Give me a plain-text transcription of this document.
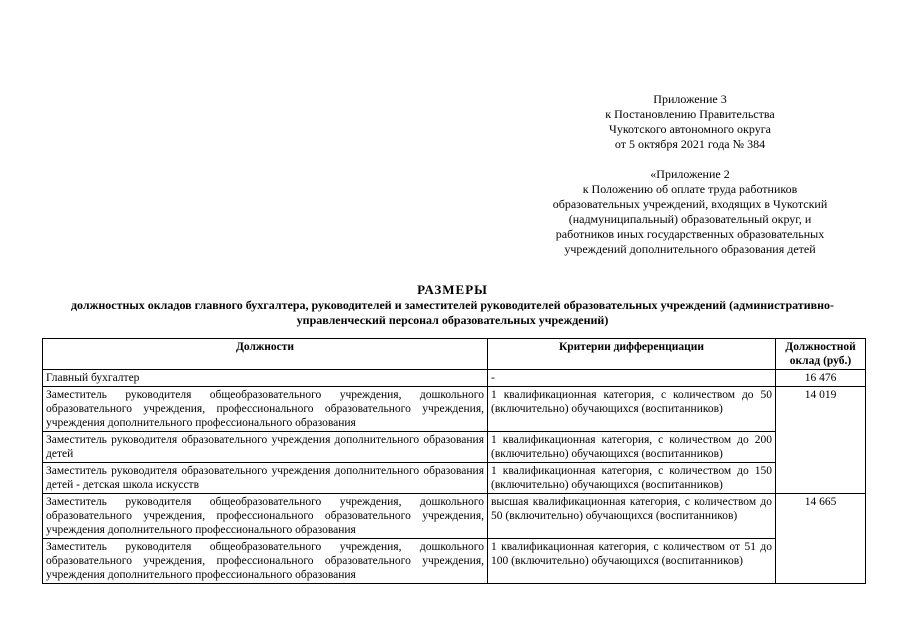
Приложение 3
к Постановлению Правительства
Чукотского автономного округа
от 5 октября 2021 года № 384
«Приложение 2
к Положению об оплате труда работников
образовательных учреждений, входящих в Чукотский
(надмуниципальный) образовательный округ, и
работников иных государственных образовательных
учреждений дополнительного образования детей
РАЗМЕРЫ
должностных окладов главного бухгалтера, руководителей и заместителей руководителей образовательных учреждений (административно-управленческий персонал образовательных учреждений)
Должности	Критерии дифференциации	Должностной оклад (руб.)
Главный бухгалтер	-	16 476
Заместитель руководителя общеобразовательного учреждения, дошкольного образовательного учреждения, профессионального образовательного учреждения, учреждения дополнительного профессионального образования	1 квалификационная категория, с количеством до 50 (включительно) обучающихся (воспитанников)	14 019
Заместитель руководителя образовательного учреждения дополнительного образования детей	1 квалификационная категория, с количеством до 200 (включительно) обучающихся (воспитанников)	
Заместитель руководителя образовательного учреждения дополнительного образования детей - детская школа искусств	1 квалификационная категория, с количеством до 150 (включительно) обучающихся (воспитанников)	
Заместитель руководителя общеобразовательного учреждения, дошкольного образовательного учреждения, профессионального образовательного учреждения, учреждения дополнительного профессионального образования	высшая квалификационная категория, с количеством до 50 (включительно) обучающихся (воспитанников)	14 665
Заместитель руководителя общеобразовательного учреждения, дошкольного образовательного учреждения, профессионального образовательного учреждения, учреждения дополнительного профессионального образования	1 квалификационная категория, с количеством от 51 до 100 (включительно) обучающихся (воспитанников)	
